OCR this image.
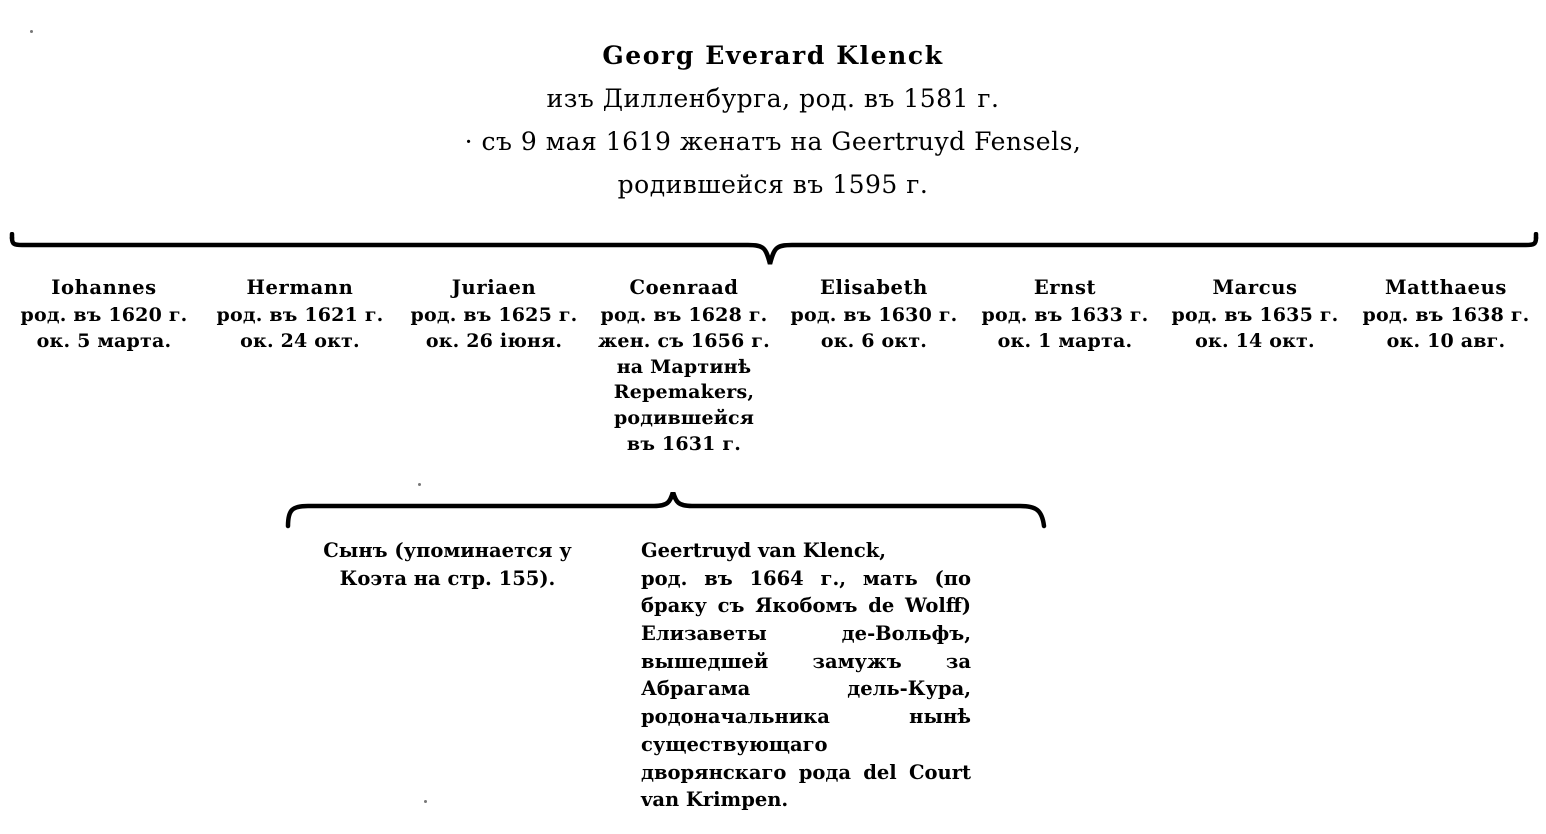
Georg Everard Klenck
изъ Дилленбурга, род. въ 1581 г.
· съ 9 мая 1619 женатъ на Geertruyd Fensels,
родившейся въ 1595 г.
Iohannes
род. въ 1620 г.
ок. 5 марта.
Hermann
род. въ 1621 г.
ок. 24 окт.
Juriaen
род. въ 1625 г.
ок. 26 іюня.
Coenraad
род. въ 1628 г.
жен. съ 1656 г.
на Мартинѣ
Repemakers,
родившейся
въ 1631 г.
Elisabeth
род. въ 1630 г.
ок. 6 окт.
Ernst
род. въ 1633 г.
ок. 1 марта.
Marcus
род. въ 1635 г.
ок. 14 окт.
Matthaeus
род. въ 1638 г.
ок. 10 авг.
Сынъ (упоминается у
Коэта на стр. 155).
Geertruyd van Klenck,

род. въ 1664 г., мать (по браку съ Якобомъ de Wolff) Елизаветы де-Вольфъ, вышедшей замужъ за Абрагама дель-Кура, родоначальника нынѣ существующаго дворянскаго рода del Court van Krimpen.
